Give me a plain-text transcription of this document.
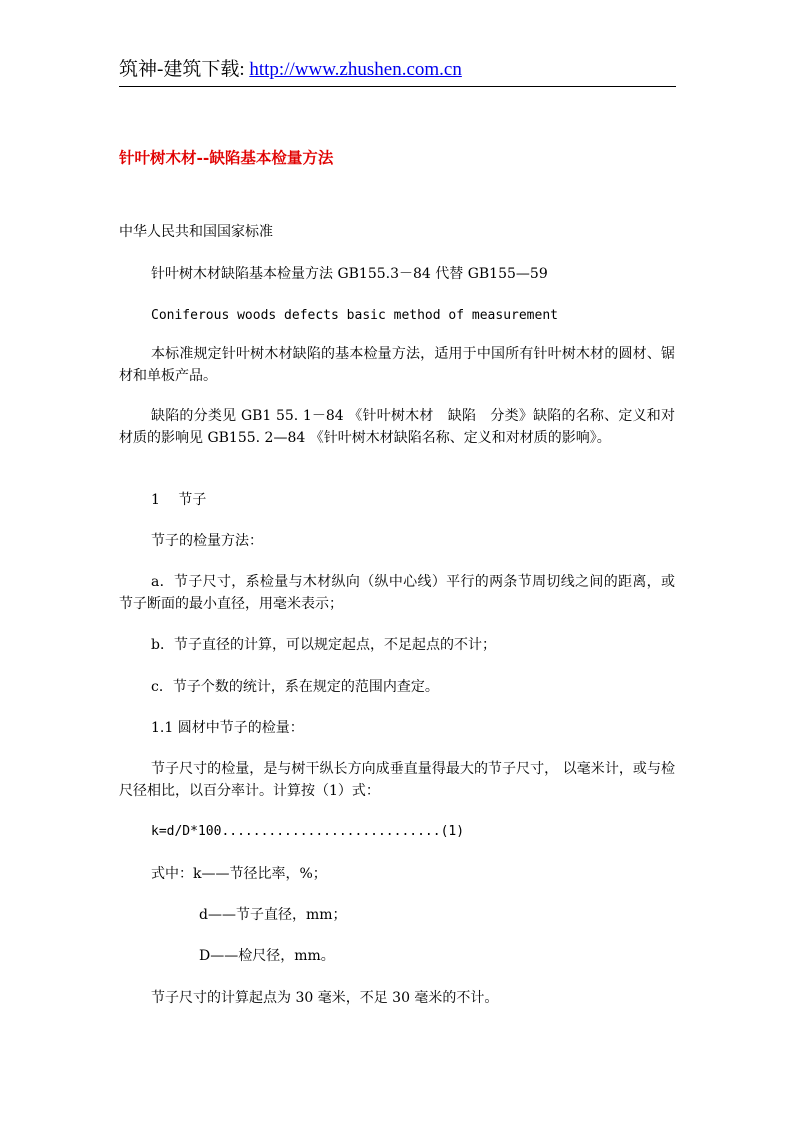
筑神-建筑下载: http://www.zhushen.com.cn
针叶树木材--缺陷基本检量方法
中华人民共和国国家标准
针叶树木材缺陷基本检量方法 GB155.3－84 代替 GB155—59
Coniferous woods defects basic method of measurement
本标准规定针叶树木材缺陷的基本检量方法，适用于中国所有针叶树木材的圆材、锯材和单板产品。
缺陷的分类见 GB1 55. 1－84 《针叶树木材　缺陷　分类》缺陷的名称、定义和对材质的影响见 GB155. 2—84 《针叶树木材缺陷名称、定义和对材质的影响》。
1　 节子
节子的检量方法：
a．节子尺寸，系检量与木材纵向（纵中心线）平行的两条节周切线之间的距离，或节子断面的最小直径，用毫米表示；
b．节子直径的计算，可以规定起点，不足起点的不计；
c．节子个数的统计，系在规定的范围内查定。
1.1 圆材中节子的检量：
节子尺寸的检量，是与树干纵长方向成垂直量得最大的节子尺寸， 以毫米计，或与检尺径相比，以百分率计。计算按（1）式：
k=d/D*100............................(1)
式中：k——节径比率，%；
d——节子直径，mm；
D——检尺径，mm。
节子尺寸的计算起点为 30 毫米，不足 30 毫米的不计。
